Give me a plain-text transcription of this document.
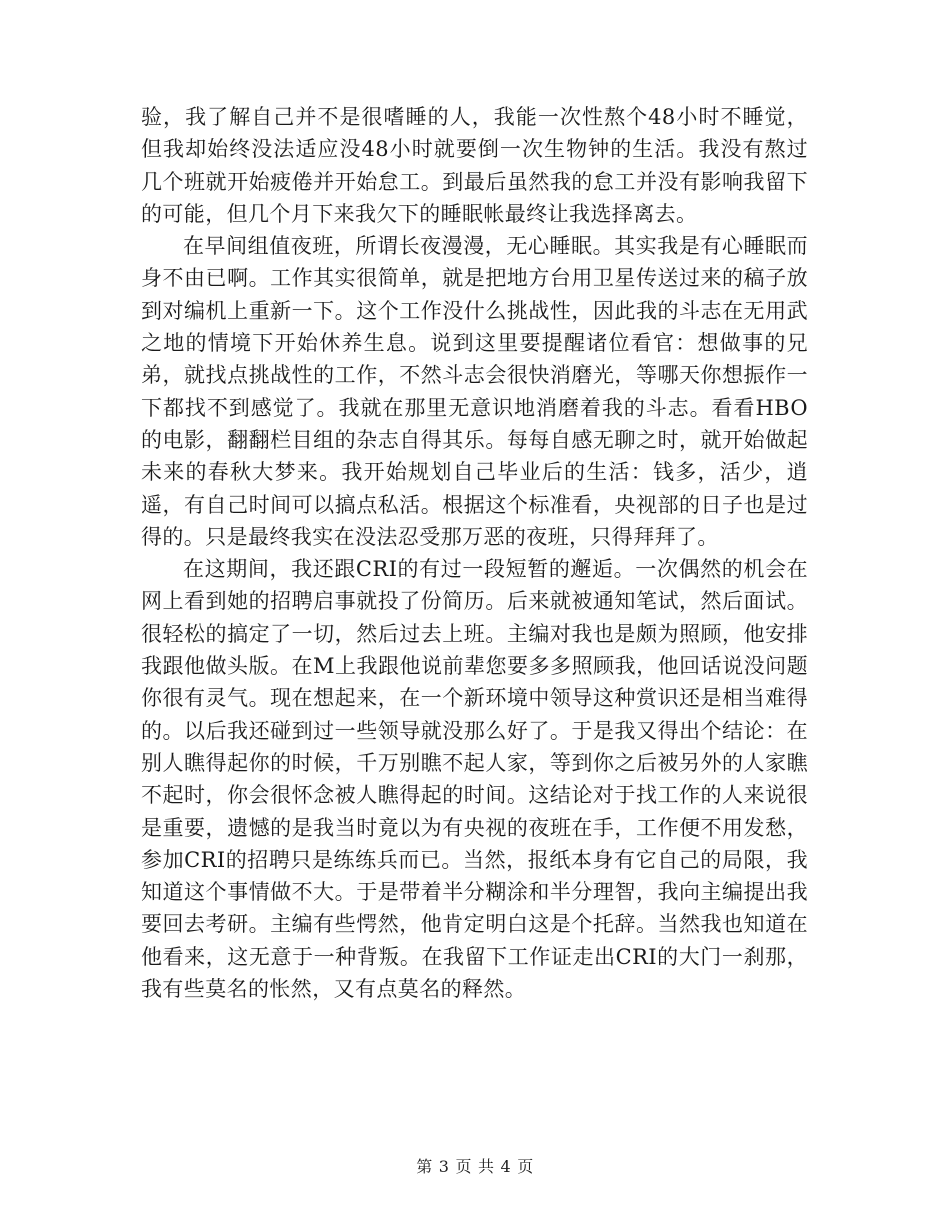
验，我了解自己并不是很嗜睡的人，我能一次性熬个48小时不睡觉，但我却始终没法适应没48小时就要倒一次生物钟的生活。我没有熬过几个班就开始疲倦并开始怠工。到最后虽然我的怠工并没有影响我留下的可能，但几个月下来我欠下的睡眠帐最终让我选择离去。

在早间组值夜班，所谓长夜漫漫，无心睡眠。其实我是有心睡眠而身不由已啊。工作其实很简单，就是把地方台用卫星传送过来的稿子放到对编机上重新一下。这个工作没什么挑战性，因此我的斗志在无用武之地的情境下开始休养生息。说到这里要提醒诸位看官：想做事的兄弟，就找点挑战性的工作，不然斗志会很快消磨光，等哪天你想振作一下都找不到感觉了。我就在那里无意识地消磨着我的斗志。看看HBO的电影，翻翻栏目组的杂志自得其乐。每每自感无聊之时，就开始做起未来的春秋大梦来。我开始规划自己毕业后的生活：钱多，活少，逍遥，有自己时间可以搞点私活。根据这个标准看，央视部的日子也是过得的。只是最终我实在没法忍受那万恶的夜班，只得拜拜了。

在这期间，我还跟CRI的有过一段短暂的邂逅。一次偶然的机会在网上看到她的招聘启事就投了份简历。后来就被通知笔试，然后面试。很轻松的搞定了一切，然后过去上班。主编对我也是颇为照顾，他安排我跟他做头版。在M上我跟他说前辈您要多多照顾我，他回话说没问题你很有灵气。现在想起来，在一个新环境中领导这种赏识还是相当难得的。以后我还碰到过一些领导就没那么好了。于是我又得出个结论：在别人瞧得起你的时候，千万别瞧不起人家，等到你之后被另外的人家瞧不起时，你会很怀念被人瞧得起的时间。这结论对于找工作的人来说很是重要，遗憾的是我当时竟以为有央视的夜班在手，工作便不用发愁，参加CRI的招聘只是练练兵而已。当然，报纸本身有它自己的局限，我知道这个事情做不大。于是带着半分糊涂和半分理智，我向主编提出我要回去考研。主编有些愕然，他肯定明白这是个托辞。当然我也知道在他看来，这无意于一种背叛。在我留下工作证走出CRI的大门一刹那，我有些莫名的怅然，又有点莫名的释然。

第 3 页 共 4 页
